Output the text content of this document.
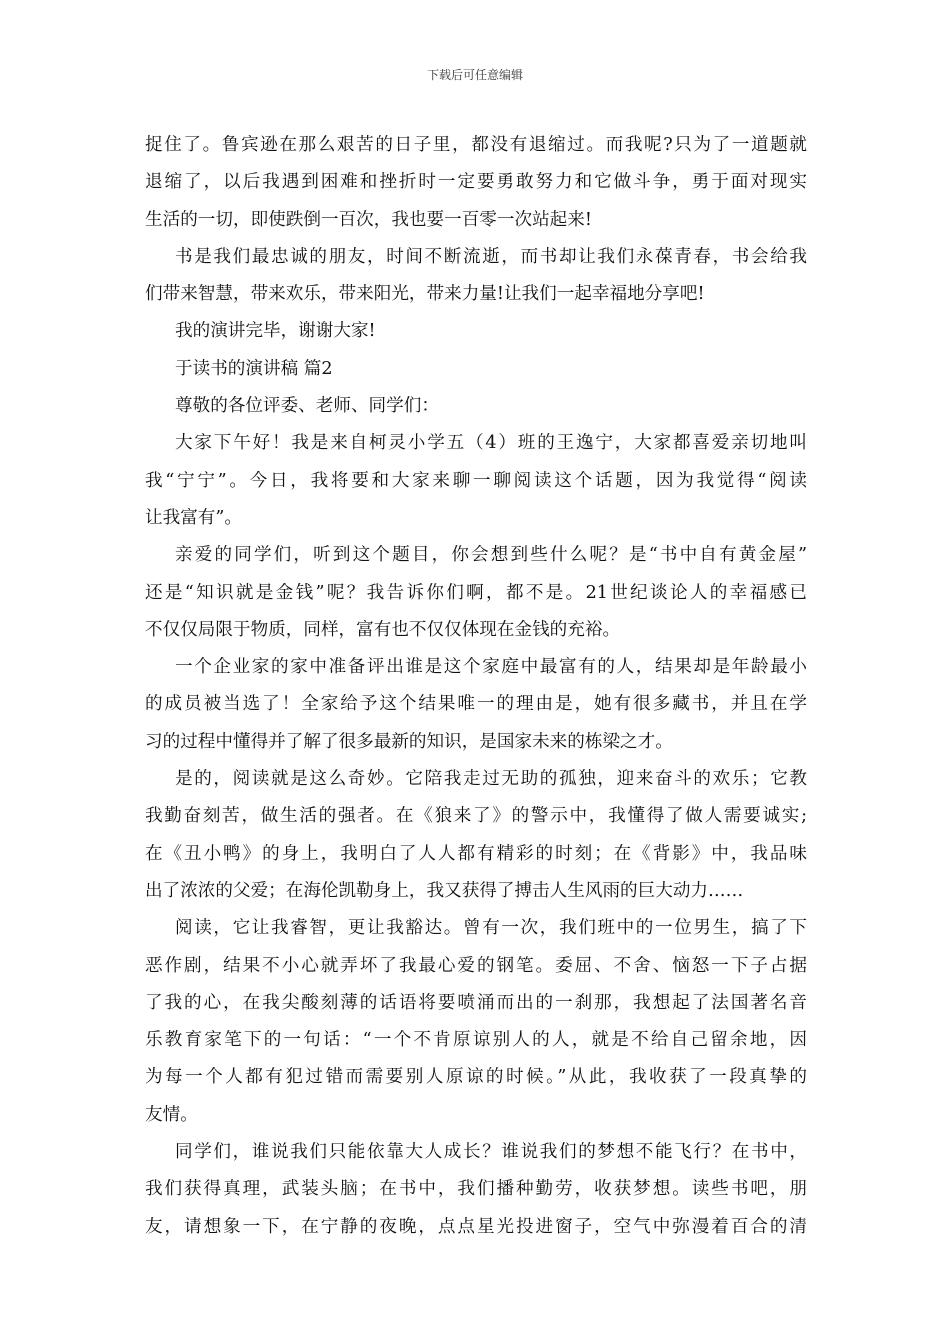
下载后可任意编辑
捉住了。鲁宾逊在那么艰苦的日子里，都没有退缩过。而我呢?只为了一道题就
退缩了，以后我遇到困难和挫折时一定要勇敢努力和它做斗争，勇于面对现实
生活的一切，即使跌倒一百次，我也要一百零一次站起来!
书是我们最忠诚的朋友，时间不断流逝，而书却让我们永葆青春，书会给我
们带来智慧，带来欢乐，带来阳光，带来力量!让我们一起幸福地分享吧!
我的演讲完毕，谢谢大家!
于读书的演讲稿 篇2
尊敬的各位评委、老师、同学们：
大家下午好！我是来自柯灵小学五（4）班的王逸宁，大家都喜爱亲切地叫
我“宁宁”。今日，我将要和大家来聊一聊阅读这个话题，因为我觉得“阅读
让我富有”。
亲爱的同学们，听到这个题目，你会想到些什么呢？是“书中自有黄金屋”
还是“知识就是金钱”呢？我告诉你们啊，都不是。21世纪谈论人的幸福感已
不仅仅局限于物质，同样，富有也不仅仅体现在金钱的充裕。
一个企业家的家中准备评出谁是这个家庭中最富有的人，结果却是年龄最小
的成员被当选了！全家给予这个结果唯一的理由是，她有很多藏书，并且在学
习的过程中懂得并了解了很多最新的知识，是国家未来的栋梁之才。
是的，阅读就是这么奇妙。它陪我走过无助的孤独，迎来奋斗的欢乐；它教
我勤奋刻苦，做生活的强者。在《狼来了》的警示中，我懂得了做人需要诚实;
在《丑小鸭》的身上，我明白了人人都有精彩的时刻；在《背影》中，我品味
出了浓浓的父爱；在海伦凯勒身上，我又获得了搏击人生风雨的巨大动力……
阅读，它让我睿智，更让我豁达。曾有一次，我们班中的一位男生，搞了下
恶作剧，结果不小心就弄坏了我最心爱的钢笔。委屈、不舍、恼怒一下子占据
了我的心，在我尖酸刻薄的话语将要喷涌而出的一刹那，我想起了法国著名音
乐教育家笔下的一句话：“一个不肯原谅别人的人，就是不给自己留余地，因
为每一个人都有犯过错而需要别人原谅的时候。”从此，我收获了一段真挚的
友情。
同学们，谁说我们只能依靠大人成长？谁说我们的梦想不能飞行？在书中，
我们获得真理，武装头脑；在书中，我们播种勤劳，收获梦想。读些书吧，朋
友，请想象一下，在宁静的夜晚，点点星光投进窗子，空气中弥漫着百合的清
